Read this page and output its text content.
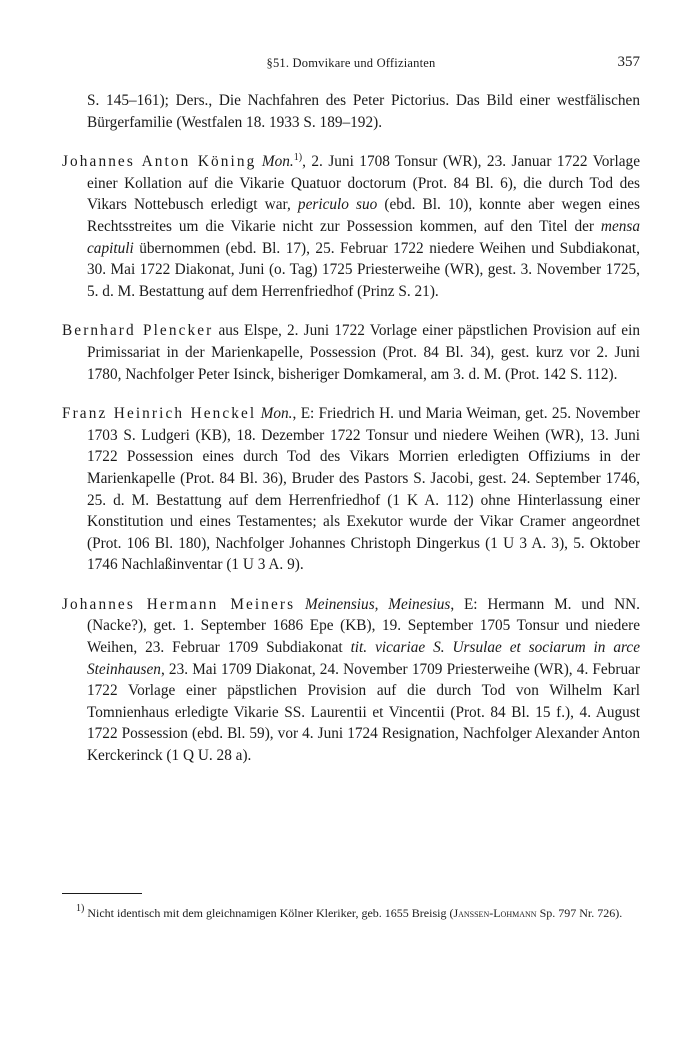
§51. Domvikare und Offizianten	357

S. 145–161); Ders., Die Nachfahren des Peter Pictorius. Das Bild einer westfälischen Bürgerfamilie (Westfalen 18. 1933 S. 189–192).

Johannes Anton Köning Mon.$^{1)}$, 2. Juni 1708 Tonsur (WR), 23. Januar 1722 Vorlage einer Kollation auf die Vikarie Quatuor doctorum (Prot. 84 Bl. 6), die durch Tod des Vikars Nottebusch erledigt war, periculo suo (ebd. Bl. 10), konnte aber wegen eines Rechtsstreites um die Vikarie nicht zur Possession kommen, auf den Titel der mensa capituli übernommen (ebd. Bl. 17), 25. Februar 1722 niedere Weihen und Subdiakonat, 30. Mai 1722 Diakonat, Juni (o. Tag) 1725 Priesterweihe (WR), gest. 3. November 1725, 5. d. M. Bestattung auf dem Herrenfriedhof (Prinz S. 21).

Bernhard Plencker aus Elspe, 2. Juni 1722 Vorlage einer päpstlichen Provision auf ein Primissariat in der Marienkapelle, Possession (Prot. 84 Bl. 34), gest. kurz vor 2. Juni 1780, Nachfolger Peter Isinck, bisheriger Domkameral, am 3. d. M. (Prot. 142 S. 112).

Franz Heinrich Henckel Mon., E: Friedrich H. und Maria Weiman, get. 25. November 1703 S. Ludgeri (KB), 18. Dezember 1722 Tonsur und niedere Weihen (WR), 13. Juni 1722 Possession eines durch Tod des Vikars Morrien erledigten Offiziums in der Marienkapelle (Prot. 84 Bl. 36), Bruder des Pastors S. Jacobi, gest. 24. September 1746, 25. d. M. Bestattung auf dem Herrenfriedhof (1 K A. 112) ohne Hinterlassung einer Konstitution und eines Testamentes; als Exekutor wurde der Vikar Cramer angeordnet (Prot. 106 Bl. 180), Nachfolger Johannes Christoph Dingerkus (1 U 3 A. 3), 5. Oktober 1746 Nachlaßinventar (1 U 3 A. 9).

Johannes Hermann Meiners Meinensius, Meinesius, E: Hermann M. und NN. (Nacke?), get. 1. September 1686 Epe (KB), 19. September 1705 Tonsur und niedere Weihen, 23. Februar 1709 Subdiakonat tit. vicariae S. Ursulae et sociarum in arce Steinhausen, 23. Mai 1709 Diakonat, 24. November 1709 Priesterweihe (WR), 4. Februar 1722 Vorlage einer päpstlichen Provision auf die durch Tod von Wilhelm Karl Tomnienhaus erledigte Vikarie SS. Laurentii et Vincentii (Prot. 84 Bl. 15 f.), 4. August 1722 Possession (ebd. Bl. 59), vor 4. Juni 1724 Resignation, Nachfolger Alexander Anton Kerckerinck (1 Q U. 28 a).

$^{1)}$ Nicht identisch mit dem gleichnamigen Kölner Kleriker, geb. 1655 Breisig (Janssen-Lohmann Sp. 797 Nr. 726).
